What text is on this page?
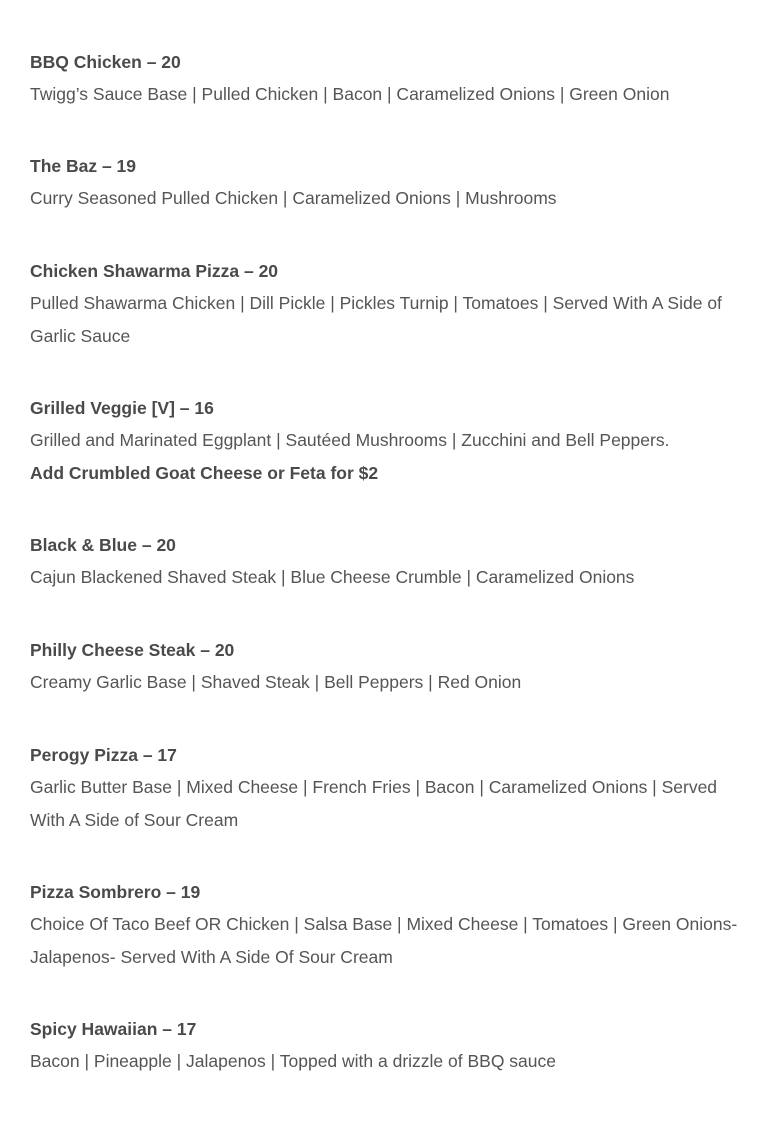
BBQ Chicken – 20

Twigg’s Sauce Base | Pulled Chicken | Bacon | Caramelized Onions | Green Onion

The Baz – 19

Curry Seasoned Pulled Chicken | Caramelized Onions | Mushrooms

Chicken Shawarma Pizza – 20

Pulled Shawarma Chicken | Dill Pickle | Pickles Turnip | Tomatoes | Served With A Side of Garlic Sauce

Grilled Veggie [V] – 16

Grilled and Marinated Eggplant | Sautéed Mushrooms | Zucchini and Bell Peppers.

Add Crumbled Goat Cheese or Feta for $2

Black & Blue – 20

Cajun Blackened Shaved Steak | Blue Cheese Crumble | Caramelized Onions

Philly Cheese Steak – 20

Creamy Garlic Base | Shaved Steak | Bell Peppers | Red Onion

Perogy Pizza – 17

Garlic Butter Base | Mixed Cheese | French Fries | Bacon | Caramelized Onions | Served With A Side of Sour Cream

Pizza Sombrero – 19

Choice Of Taco Beef OR Chicken | Salsa Base | Mixed Cheese | Tomatoes | Green Onions- Jalapenos- Served With A Side Of Sour Cream

Spicy Hawaiian – 17

Bacon | Pineapple | Jalapenos | Topped with a drizzle of BBQ sauce
